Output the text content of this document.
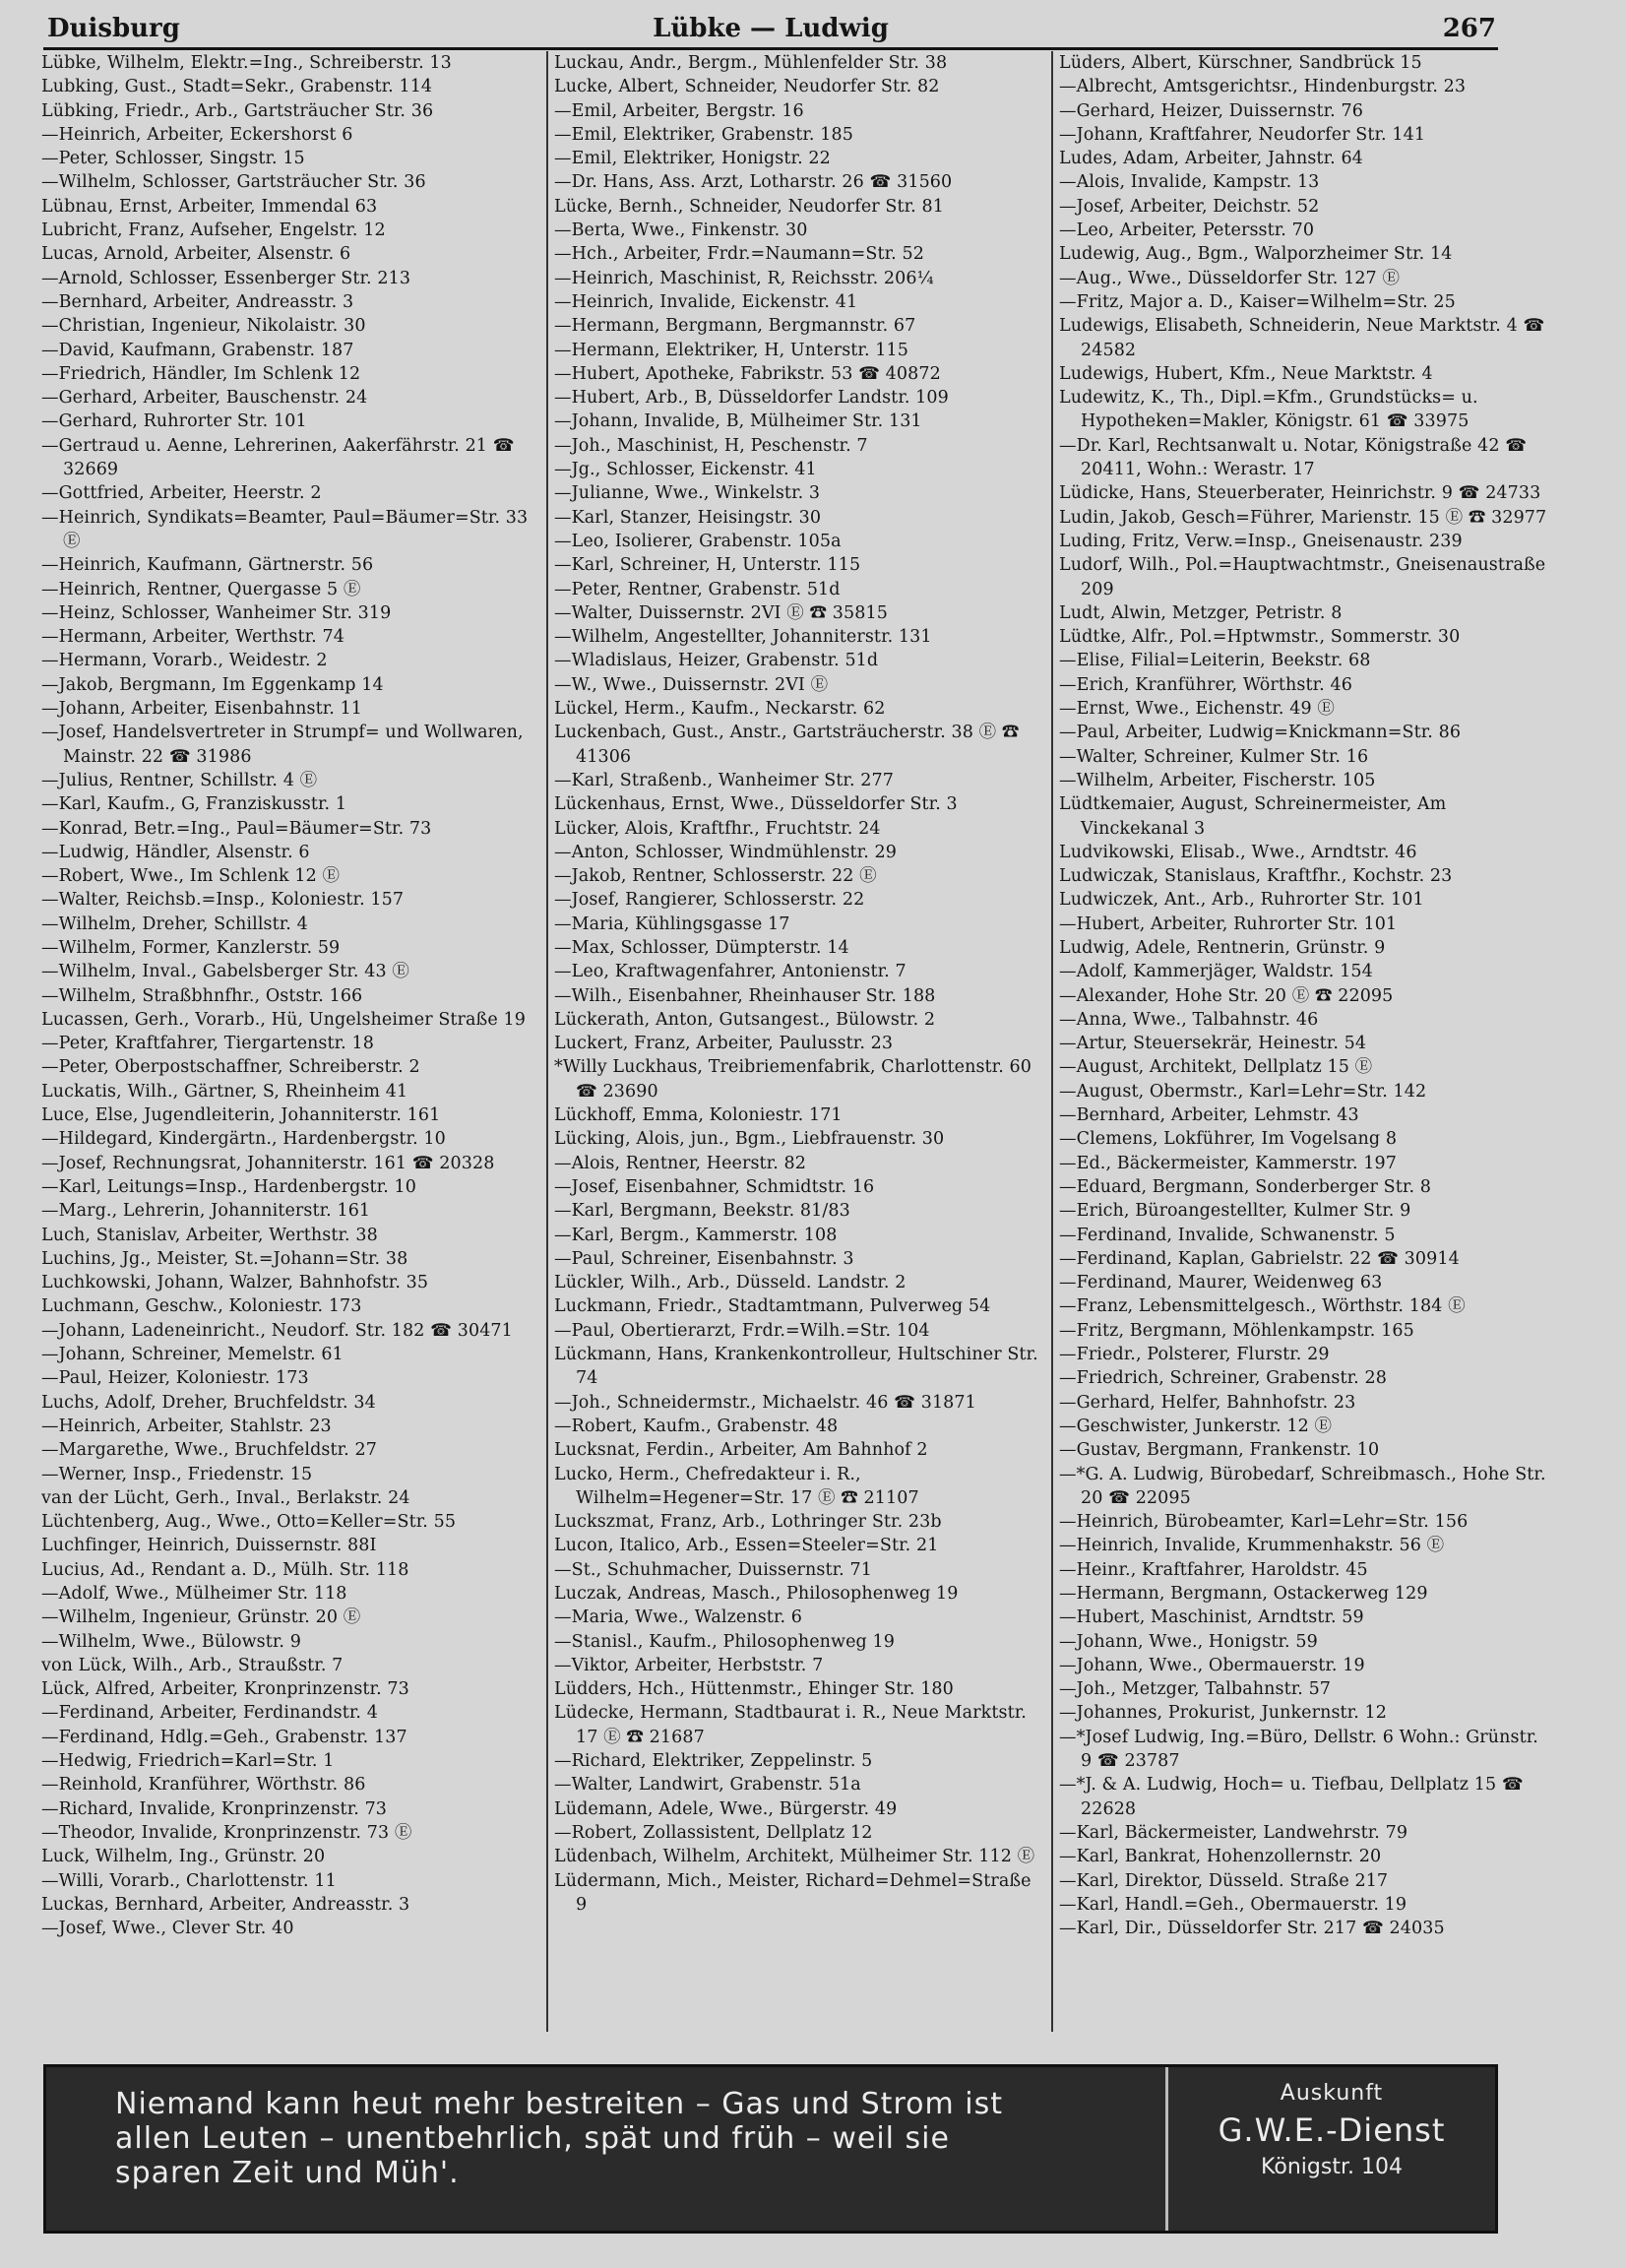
Duisburg	Lübke — Ludwig	267
Lübke, Wilhelm, Elektr.=Ing., Schreiberstr. 13
Lubking, Gust., Stadt=Sekr., Grabenstr. 114
Lübking, Friedr., Arb., Gartsträucher Str. 36
—Heinrich, Arbeiter, Eckershorst 6
—Peter, Schlosser, Singstr. 15
—Wilhelm, Schlosser, Gartsträucher Str. 36
Lübnau, Ernst, Arbeiter, Immendal 63
Lubricht, Franz, Aufseher, Engelstr. 12
Lucas, Arnold, Arbeiter, Alsenstr. 6
—Arnold, Schlosser, Essenberger Str. 213
—Bernhard, Arbeiter, Andreasstr. 3
—Christian, Ingenieur, Nikolaistr. 30
—David, Kaufmann, Grabenstr. 187
—Friedrich, Händler, Im Schlenk 12
—Gerhard, Arbeiter, Bauschenstr. 24
—Gerhard, Ruhrorter Str. 101
—Gertraud u. Aenne, Lehrerinen, Aakerfährstr. 21 ☎ 32669
—Gottfried, Arbeiter, Heerstr. 2
—Heinrich, Syndikats=Beamter, Paul=Bäumer=Str. 33 Ⓔ
—Heinrich, Kaufmann, Gärtnerstr. 56
—Heinrich, Rentner, Quergasse 5 Ⓔ
—Heinz, Schlosser, Wanheimer Str. 319
—Hermann, Arbeiter, Werthstr. 74
—Hermann, Vorarb., Weidestr. 2
—Jakob, Bergmann, Im Eggenkamp 14
—Johann, Arbeiter, Eisenbahnstr. 11
—Josef, Handelsvertreter in Strumpf= und Wollwaren, Mainstr. 22 ☎ 31986
—Julius, Rentner, Schillstr. 4 Ⓔ
—Karl, Kaufm., G, Franziskusstr. 1
—Konrad, Betr.=Ing., Paul=Bäumer=Str. 73
—Ludwig, Händler, Alsenstr. 6
—Robert, Wwe., Im Schlenk 12 Ⓔ
—Walter, Reichsb.=Insp., Koloniestr. 157
—Wilhelm, Dreher, Schillstr. 4
—Wilhelm, Former, Kanzlerstr. 59
—Wilhelm, Inval., Gabelsberger Str. 43 Ⓔ
—Wilhelm, Straßbhnfhr., Oststr. 166
Lucassen, Gerh., Vorarb., Hü, Ungelsheimer Straße 19
—Peter, Kraftfahrer, Tiergartenstr. 18
—Peter, Oberpostschaffner, Schreiberstr. 2
Luckatis, Wilh., Gärtner, S, Rheinheim 41
Luce, Else, Jugendleiterin, Johanniterstr. 161
—Hildegard, Kindergärtn., Hardenbergstr. 10
—Josef, Rechnungsrat, Johanniterstr. 161 ☎ 20328
—Karl, Leitungs=Insp., Hardenbergstr. 10
—Marg., Lehrerin, Johanniterstr. 161
Luch, Stanislav, Arbeiter, Werthstr. 38
Luchins, Jg., Meister, St.=Johann=Str. 38
Luchkowski, Johann, Walzer, Bahnhofstr. 35
Luchmann, Geschw., Koloniestr. 173
—Johann, Ladeneinricht., Neudorf. Str. 182 ☎ 30471
—Johann, Schreiner, Memelstr. 61
—Paul, Heizer, Koloniestr. 173
Luchs, Adolf, Dreher, Bruchfeldstr. 34
—Heinrich, Arbeiter, Stahlstr. 23
—Margarethe, Wwe., Bruchfeldstr. 27
—Werner, Insp., Friedenstr. 15
van der Lücht, Gerh., Inval., Berlakstr. 24
Lüchtenberg, Aug., Wwe., Otto=Keller=Str. 55
Luchfinger, Heinrich, Duissernstr. 88I
Lucius, Ad., Rendant a. D., Mülh. Str. 118
—Adolf, Wwe., Mülheimer Str. 118
—Wilhelm, Ingenieur, Grünstr. 20 Ⓔ
—Wilhelm, Wwe., Bülowstr. 9
von Lück, Wilh., Arb., Straußstr. 7
Lück, Alfred, Arbeiter, Kronprinzenstr. 73
—Ferdinand, Arbeiter, Ferdinandstr. 4
—Ferdinand, Hdlg.=Geh., Grabenstr. 137
—Hedwig, Friedrich=Karl=Str. 1
—Reinhold, Kranführer, Wörthstr. 86
—Richard, Invalide, Kronprinzenstr. 73
—Theodor, Invalide, Kronprinzenstr. 73 Ⓔ
Luck, Wilhelm, Ing., Grünstr. 20
—Willi, Vorarb., Charlottenstr. 11
Luckas, Bernhard, Arbeiter, Andreasstr. 3
—Josef, Wwe., Clever Str. 40
Luckau, Andr., Bergm., Mühlenfelder Str. 38
Lucke, Albert, Schneider, Neudorfer Str. 82
—Emil, Arbeiter, Bergstr. 16
—Emil, Elektriker, Grabenstr. 185
—Emil, Elektriker, Honigstr. 22
—Dr. Hans, Ass. Arzt, Lotharstr. 26 ☎ 31560
Lücke, Bernh., Schneider, Neudorfer Str. 81
—Berta, Wwe., Finkenstr. 30
—Hch., Arbeiter, Frdr.=Naumann=Str. 52
—Heinrich, Maschinist, R, Reichsstr. 206¼
—Heinrich, Invalide, Eickenstr. 41
—Hermann, Bergmann, Bergmannstr. 67
—Hermann, Elektriker, H, Unterstr. 115
—Hubert, Apotheke, Fabrikstr. 53 ☎ 40872
—Hubert, Arb., B, Düsseldorfer Landstr. 109
—Johann, Invalide, B, Mülheimer Str. 131
—Joh., Maschinist, H, Peschenstr. 7
—Jg., Schlosser, Eickenstr. 41
—Julianne, Wwe., Winkelstr. 3
—Karl, Stanzer, Heisingstr. 30
—Leo, Isolierer, Grabenstr. 105a
—Karl, Schreiner, H, Unterstr. 115
—Peter, Rentner, Grabenstr. 51d
—Walter, Duissernstr. 2VI Ⓔ ☎ 35815
—Wilhelm, Angestellter, Johanniterstr. 131
—Wladislaus, Heizer, Grabenstr. 51d
—W., Wwe., Duissernstr. 2VI Ⓔ
Lückel, Herm., Kaufm., Neckarstr. 62
Luckenbach, Gust., Anstr., Gartsträucherstr. 38 Ⓔ ☎ 41306
—Karl, Straßenb., Wanheimer Str. 277
Lückenhaus, Ernst, Wwe., Düsseldorfer Str. 3
Lücker, Alois, Kraftfhr., Fruchtstr. 24
—Anton, Schlosser, Windmühlenstr. 29
—Jakob, Rentner, Schlosserstr. 22 Ⓔ
—Josef, Rangierer, Schlosserstr. 22
—Maria, Kühlingsgasse 17
—Max, Schlosser, Dümpterstr. 14
—Leo, Kraftwagenfahrer, Antonienstr. 7
—Wilh., Eisenbahner, Rheinhauser Str. 188
Lückerath, Anton, Gutsangest., Bülowstr. 2
Luckert, Franz, Arbeiter, Paulusstr. 23
*Willy Luckhaus, Treibriemenfabrik, Charlottenstr. 60 ☎ 23690
Lückhoff, Emma, Koloniestr. 171
Lücking, Alois, jun., Bgm., Liebfrauenstr. 30
—Alois, Rentner, Heerstr. 82
—Josef, Eisenbahner, Schmidtstr. 16
—Karl, Bergmann, Beekstr. 81/83
—Karl, Bergm., Kammerstr. 108
—Paul, Schreiner, Eisenbahnstr. 3
Lückler, Wilh., Arb., Düsseld. Landstr. 2
Luckmann, Friedr., Stadtamtmann, Pulverweg 54
—Paul, Obertierarzt, Frdr.=Wilh.=Str. 104
Lückmann, Hans, Krankenkontrolleur, Hultschiner Str. 74
—Joh., Schneidermstr., Michaelstr. 46 ☎ 31871
—Robert, Kaufm., Grabenstr. 48
Lucksnat, Ferdin., Arbeiter, Am Bahnhof 2
Lucko, Herm., Chefredakteur i. R., Wilhelm=Hegener=Str. 17 Ⓔ ☎ 21107
Luckszmat, Franz, Arb., Lothringer Str. 23b
Lucon, Italico, Arb., Essen=Steeler=Str. 21
—St., Schuhmacher, Duissernstr. 71
Luczak, Andreas, Masch., Philosophenweg 19
—Maria, Wwe., Walzenstr. 6
—Stanisl., Kaufm., Philosophenweg 19
—Viktor, Arbeiter, Herbststr. 7
Lüdders, Hch., Hüttenmstr., Ehinger Str. 180
Lüdecke, Hermann, Stadtbaurat i. R., Neue Marktstr. 17 Ⓔ ☎ 21687
—Richard, Elektriker, Zeppelinstr. 5
—Walter, Landwirt, Grabenstr. 51a
Lüdemann, Adele, Wwe., Bürgerstr. 49
—Robert, Zollassistent, Dellplatz 12
Lüdenbach, Wilhelm, Architekt, Mülheimer Str. 112 Ⓔ
Lüdermann, Mich., Meister, Richard=Dehmel=Straße 9
Lüders, Albert, Kürschner, Sandbrück 15
—Albrecht, Amtsgerichtsr., Hindenburgstr. 23
—Gerhard, Heizer, Duissernstr. 76
—Johann, Kraftfahrer, Neudorfer Str. 141
Ludes, Adam, Arbeiter, Jahnstr. 64
—Alois, Invalide, Kampstr. 13
—Josef, Arbeiter, Deichstr. 52
—Leo, Arbeiter, Petersstr. 70
Ludewig, Aug., Bgm., Walporzheimer Str. 14
—Aug., Wwe., Düsseldorfer Str. 127 Ⓔ
—Fritz, Major a. D., Kaiser=Wilhelm=Str. 25
Ludewigs, Elisabeth, Schneiderin, Neue Marktstr. 4 ☎ 24582
Ludewigs, Hubert, Kfm., Neue Marktstr. 4
Ludewitz, K., Th., Dipl.=Kfm., Grundstücks= u. Hypotheken=Makler, Königstr. 61 ☎ 33975
—Dr. Karl, Rechtsanwalt u. Notar, Königstraße 42 ☎ 20411, Wohn.: Werastr. 17
Lüdicke, Hans, Steuerberater, Heinrichstr. 9 ☎ 24733
Ludin, Jakob, Gesch=Führer, Marienstr. 15 Ⓔ ☎ 32977
Luding, Fritz, Verw.=Insp., Gneisenaustr. 239
Ludorf, Wilh., Pol.=Hauptwachtmstr., Gneisenaustraße 209
Ludt, Alwin, Metzger, Petristr. 8
Lüdtke, Alfr., Pol.=Hptwmstr., Sommerstr. 30
—Elise, Filial=Leiterin, Beekstr. 68
—Erich, Kranführer, Wörthstr. 46
—Ernst, Wwe., Eichenstr. 49 Ⓔ
—Paul, Arbeiter, Ludwig=Knickmann=Str. 86
—Walter, Schreiner, Kulmer Str. 16
—Wilhelm, Arbeiter, Fischerstr. 105
Lüdtkemaier, August, Schreinermeister, Am Vinckekanal 3
Ludvikowski, Elisab., Wwe., Arndtstr. 46
Ludwiczak, Stanislaus, Kraftfhr., Kochstr. 23
Ludwiczek, Ant., Arb., Ruhrorter Str. 101
—Hubert, Arbeiter, Ruhrorter Str. 101
Ludwig, Adele, Rentnerin, Grünstr. 9
—Adolf, Kammerjäger, Waldstr. 154
—Alexander, Hohe Str. 20 Ⓔ ☎ 22095
—Anna, Wwe., Talbahnstr. 46
—Artur, Steuersekrär, Heinestr. 54
—August, Architekt, Dellplatz 15 Ⓔ
—August, Obermstr., Karl=Lehr=Str. 142
—Bernhard, Arbeiter, Lehmstr. 43
—Clemens, Lokführer, Im Vogelsang 8
—Ed., Bäckermeister, Kammerstr. 197
—Eduard, Bergmann, Sonderberger Str. 8
—Erich, Büroangestellter, Kulmer Str. 9
—Ferdinand, Invalide, Schwanenstr. 5
—Ferdinand, Kaplan, Gabrielstr. 22 ☎ 30914
—Ferdinand, Maurer, Weidenweg 63
—Franz, Lebensmittelgesch., Wörthstr. 184 Ⓔ
—Fritz, Bergmann, Möhlenkampstr. 165
—Friedr., Polsterer, Flurstr. 29
—Friedrich, Schreiner, Grabenstr. 28
—Gerhard, Helfer, Bahnhofstr. 23
—Geschwister, Junkerstr. 12 Ⓔ
—Gustav, Bergmann, Frankenstr. 10
—*G. A. Ludwig, Bürobedarf, Schreibmasch., Hohe Str. 20 ☎ 22095
—Heinrich, Bürobeamter, Karl=Lehr=Str. 156
—Heinrich, Invalide, Krummenhakstr. 56 Ⓔ
—Heinr., Kraftfahrer, Haroldstr. 45
—Hermann, Bergmann, Ostackerweg 129
—Hubert, Maschinist, Arndtstr. 59
—Johann, Wwe., Honigstr. 59
—Johann, Wwe., Obermauerstr. 19
—Joh., Metzger, Talbahnstr. 57
—Johannes, Prokurist, Junkernstr. 12
—*Josef Ludwig, Ing.=Büro, Dellstr. 6 Wohn.: Grünstr. 9 ☎ 23787
—*J. & A. Ludwig, Hoch= u. Tiefbau, Dellplatz 15 ☎ 22628
—Karl, Bäckermeister, Landwehrstr. 79
—Karl, Bankrat, Hohenzollernstr. 20
—Karl, Direktor, Düsseld. Straße 217
—Karl, Handl.=Geh., Obermauerstr. 19
—Karl, Dir., Düsseldorfer Str. 217 ☎ 24035
Niemand kann heut mehr bestreiten – Gas und Strom ist
allen Leuten – unentbehrlich, spät und früh – weil sie
sparen Zeit und Müh'.
Auskunft
G.W.E.-Dienst
Königstr. 104
